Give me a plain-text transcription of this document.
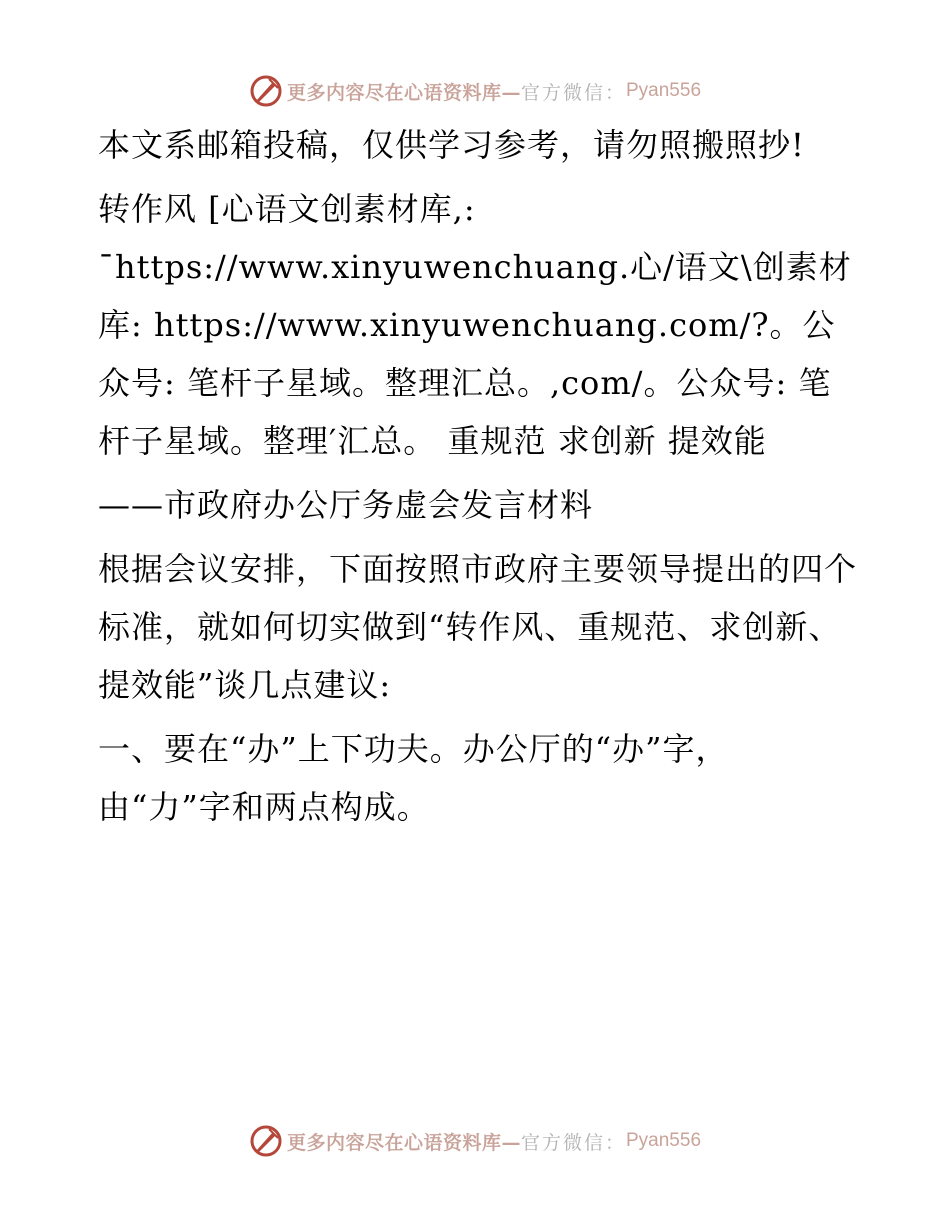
更多内容尽在心语资料库— 官方微信： Pyan556

本文系邮箱投稿，仅供学习参考，请勿照搬照抄!

转作风 [心语文创素材库,: ¯https://www.xinyuwenchuang.心/语文\创素材库: https://www.xinyuwenchuang.com/?。公众号: 笔杆子星域。整理汇总。,com/。公众号: 笔杆子星域。整理′汇总。 重规范 求创新 提效能

——市政府办公厅务虚会发言材料

根据会议安排，下面按照市政府主要领导提出的四个标准，就如何切实做到“转作风、重规范、求创新、提效能”谈几点建议:

一、要在“办”上下功夫。办公厅的“办”字，由“力”字和两点构成。

更多内容尽在心语资料库— 官方微信： Pyan556
